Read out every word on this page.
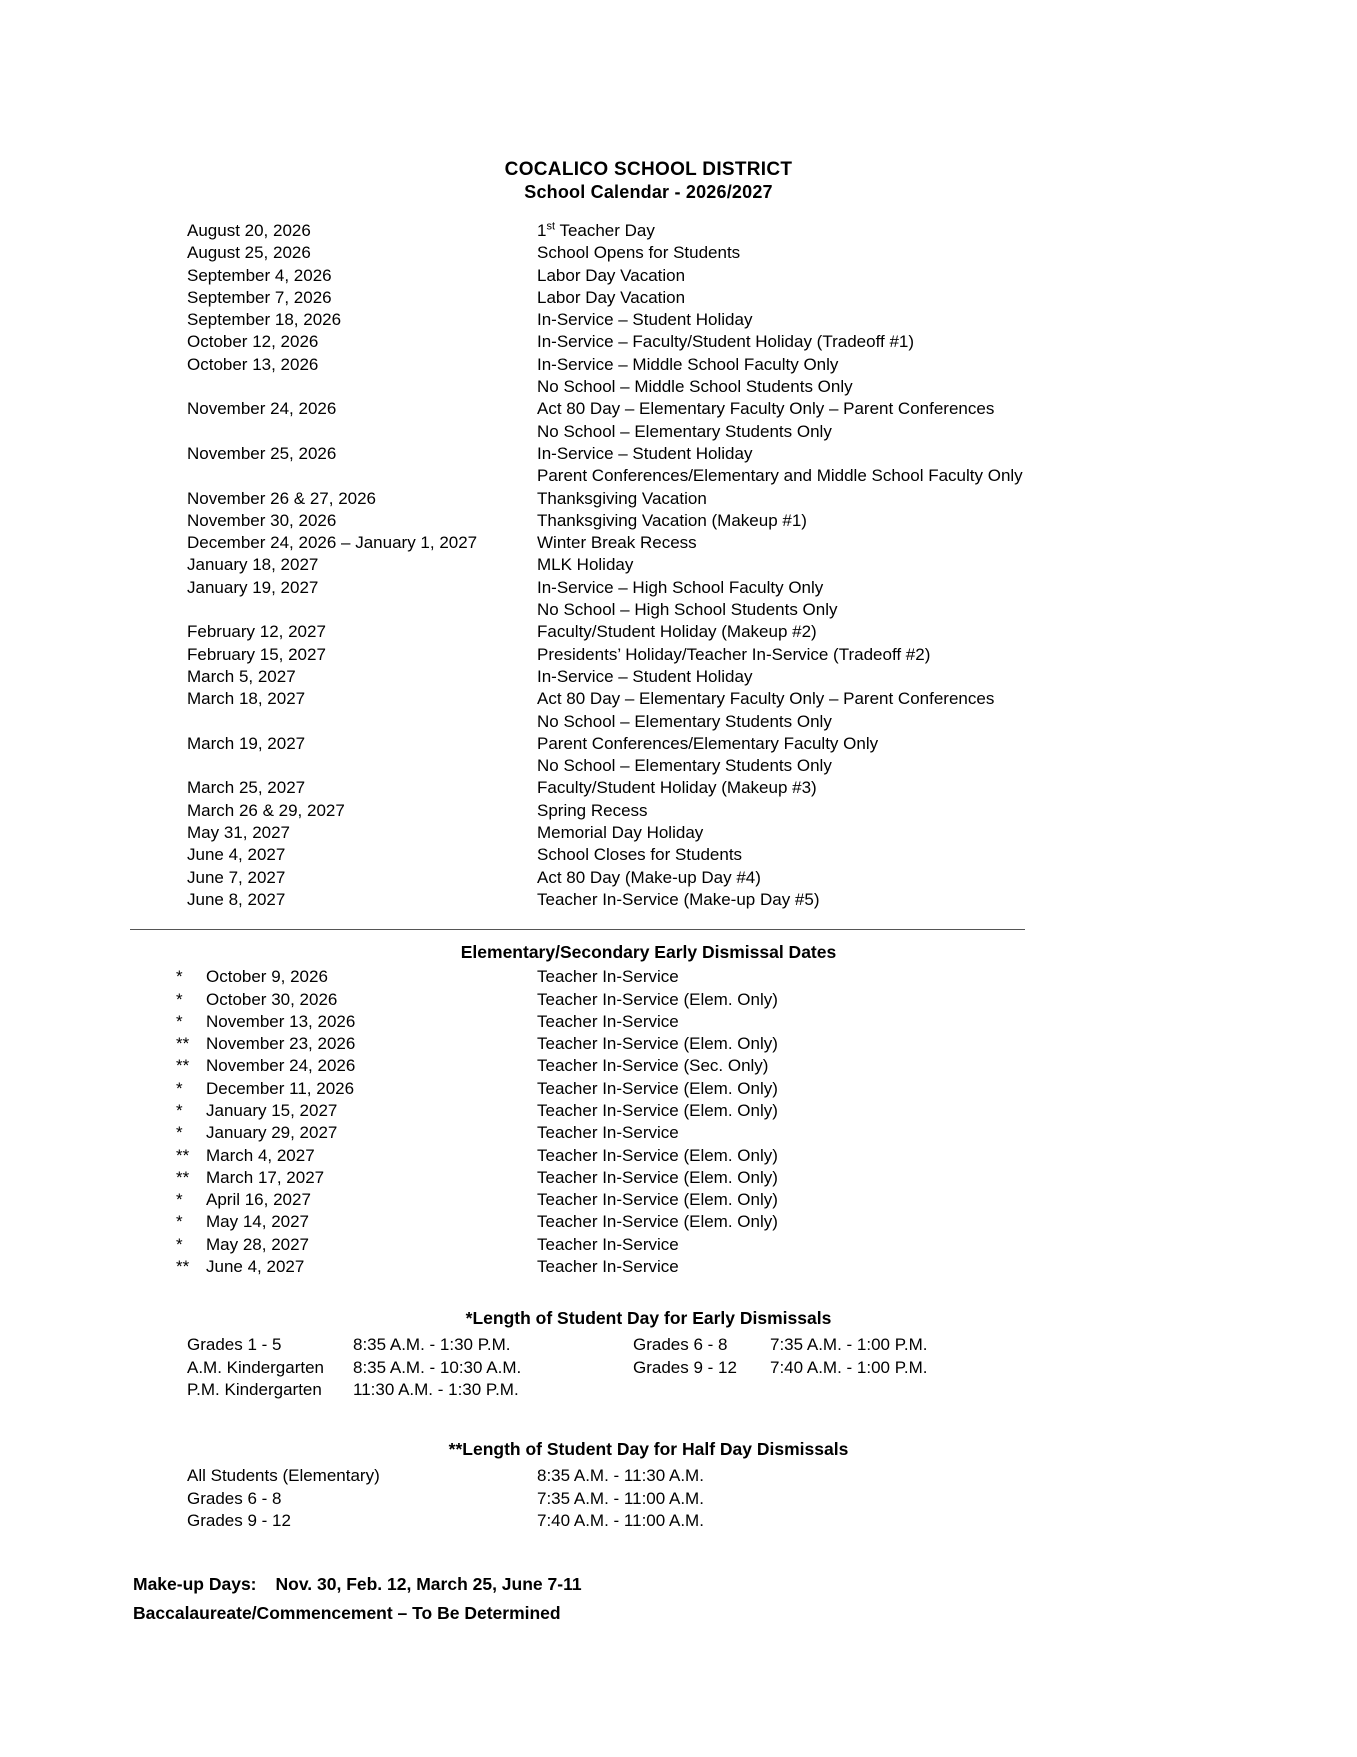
COCALICO SCHOOL DISTRICT
School Calendar - 2026/2027
August 20, 2026	1st Teacher Day
August 25, 2026	School Opens for Students
September 4, 2026	Labor Day Vacation
September 7, 2026	Labor Day Vacation
September 18, 2026	In-Service – Student Holiday
October 12, 2026	In-Service – Faculty/Student Holiday (Tradeoff #1)
October 13, 2026	In-Service – Middle School Faculty Only
No School – Middle School Students Only
November 24, 2026	Act 80 Day – Elementary Faculty Only – Parent Conferences
No School – Elementary Students Only
November 25, 2026	In-Service – Student Holiday
Parent Conferences/Elementary and Middle School Faculty Only
November 26 & 27, 2026	Thanksgiving Vacation
November 30, 2026	Thanksgiving Vacation (Makeup #1)
December 24, 2026 – January 1, 2027	Winter Break Recess
January 18, 2027	MLK Holiday
January 19, 2027	In-Service – High School Faculty Only
No School – High School Students Only
February 12, 2027	Faculty/Student Holiday (Makeup #2)
February 15, 2027	Presidents’ Holiday/Teacher In-Service (Tradeoff #2)
March 5, 2027	In-Service – Student Holiday
March 18, 2027	Act 80 Day – Elementary Faculty Only – Parent Conferences
No School – Elementary Students Only
March 19, 2027	Parent Conferences/Elementary Faculty Only
No School – Elementary Students Only
March 25, 2027	Faculty/Student Holiday (Makeup #3)
March 26 & 29, 2027	Spring Recess
May 31, 2027	Memorial Day Holiday
June 4, 2027	School Closes for Students
June 7, 2027	Act 80 Day (Make-up Day #4)
June 8, 2027	Teacher In-Service (Make-up Day #5)
Elementary/Secondary Early Dismissal Dates
*	October 9, 2026	Teacher In-Service
*	October 30, 2026	Teacher In-Service (Elem. Only)
*	November 13, 2026	Teacher In-Service
** November 23, 2026	Teacher In-Service (Elem. Only)
** November 24, 2026	Teacher In-Service (Sec. Only)
*	December 11, 2026	Teacher In-Service (Elem. Only)
*	January 15, 2027	Teacher In-Service (Elem. Only)
*	January 29, 2027	Teacher In-Service
** March 4, 2027	Teacher In-Service (Elem. Only)
** March 17, 2027	Teacher In-Service (Elem. Only)
*	April 16, 2027	Teacher In-Service (Elem. Only)
*	May 14, 2027	Teacher In-Service (Elem. Only)
*	May 28, 2027	Teacher In-Service
** June 4, 2027	Teacher In-Service
*Length of Student Day for Early Dismissals
Grades 1 - 5	8:35 A.M. - 1:30 P.M.	Grades 6 - 8	7:35 A.M. - 1:00 P.M.
A.M. Kindergarten	8:35 A.M. - 10:30 A.M.	Grades 9 - 12	7:40 A.M. - 1:00 P.M.
P.M. Kindergarten	11:30 A.M. - 1:30 P.M.
**Length of Student Day for Half Day Dismissals
All Students (Elementary)	8:35 A.M. - 11:30 A.M.
Grades 6 - 8	7:35 A.M. - 11:00 A.M.
Grades 9 - 12	7:40 A.M. - 11:00 A.M.
Make-up Days:	Nov. 30, Feb. 12, March 25, June 7-11
Baccalaureate/Commencement – To Be Determined
